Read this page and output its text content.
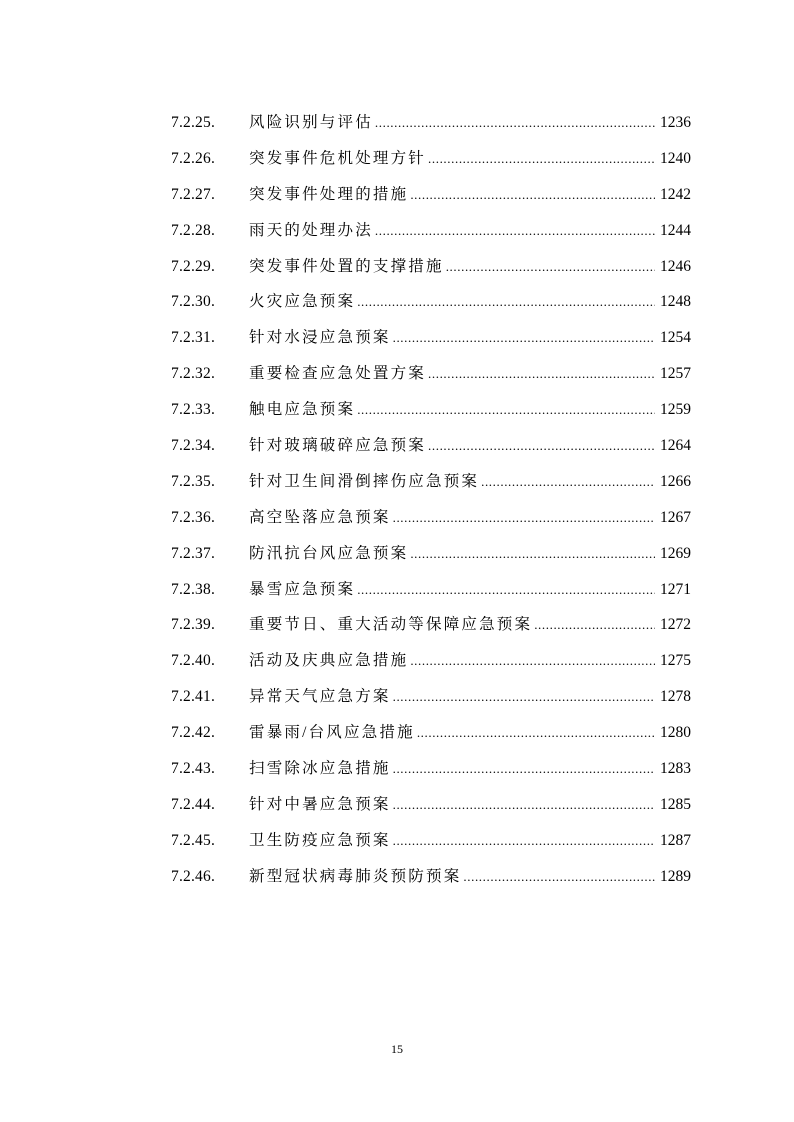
7.2.25.	风险识别与评估 .....	1236
7.2.26.	突发事件危机处理方针 .....	1240
7.2.27.	突发事件处理的措施 .....	1242
7.2.28.	雨天的处理办法 .....	1244
7.2.29.	突发事件处置的支撑措施 .....	1246
7.2.30.	火灾应急预案 .....	1248
7.2.31.	针对水浸应急预案 .....	1254
7.2.32.	重要检查应急处置方案 .....	1257
7.2.33.	触电应急预案 .....	1259
7.2.34.	针对玻璃破碎应急预案 .....	1264
7.2.35.	针对卫生间滑倒摔伤应急预案 .....	1266
7.2.36.	高空坠落应急预案 .....	1267
7.2.37.	防汛抗台风应急预案 .....	1269
7.2.38.	暴雪应急预案 .....	1271
7.2.39.	重要节日、重大活动等保障应急预案 .....	1272
7.2.40.	活动及庆典应急措施 .....	1275
7.2.41.	异常天气应急方案 .....	1278
7.2.42.	雷暴雨/台风应急措施 .....	1280
7.2.43.	扫雪除冰应急措施 .....	1283
7.2.44.	针对中暑应急预案 .....	1285
7.2.45.	卫生防疫应急预案 .....	1287
7.2.46.	新型冠状病毒肺炎预防预案 .....	1289
15
